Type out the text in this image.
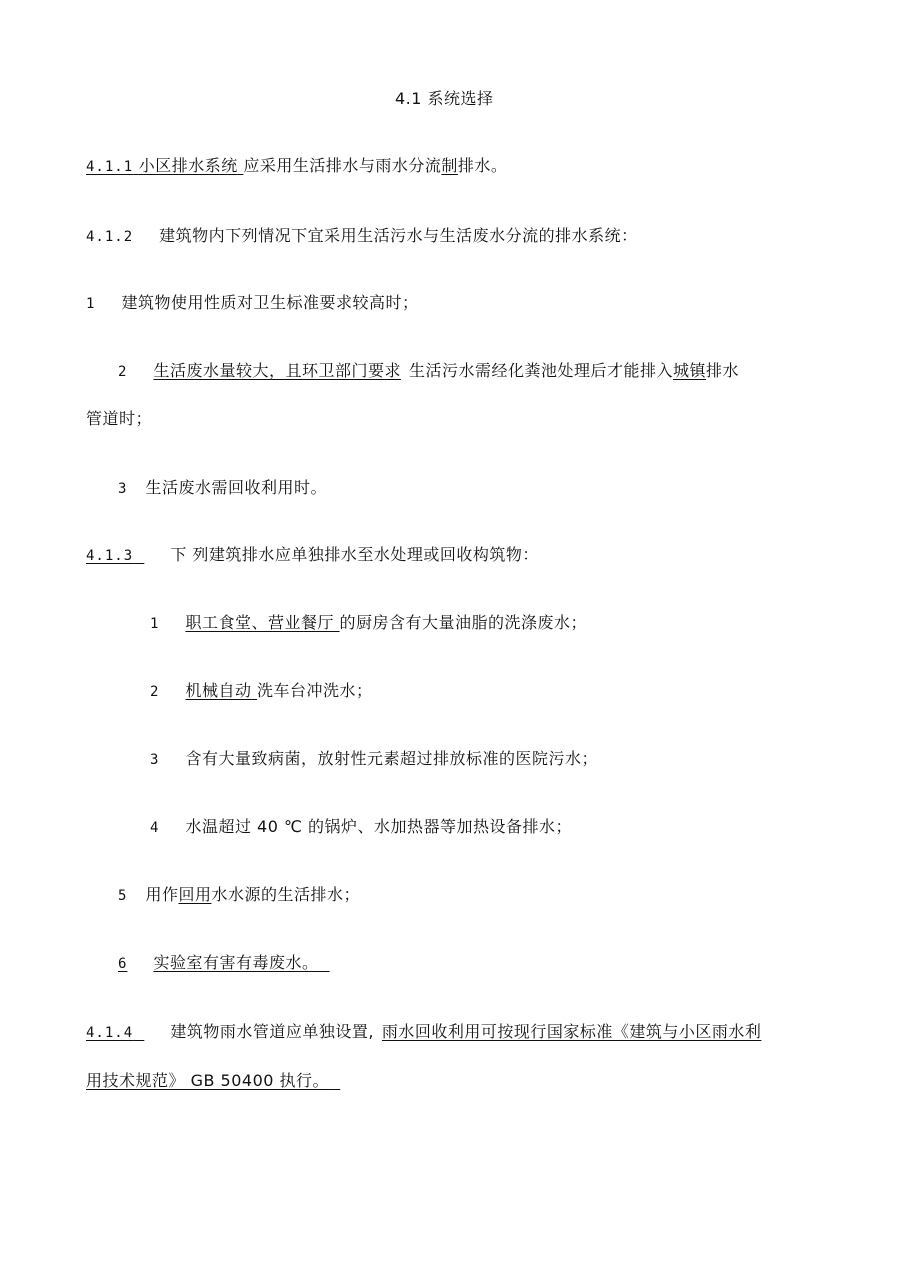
4.1 系统选择
4.1.1 小区排水系统 应采用生活排水与雨水分流制排水。
4.1.2 建筑物内下列情况下宜采用生活污水与生活废水分流的排水系统：
1 建筑物使用性质对卫生标准要求较高时；
2 生活废水量较大，且环卫部门要求 生活污水需经化粪池处理后才能排入城镇排水
管道时；
3 生活废水需回收利用时。
4.1.3 下 列建筑排水应单独排水至水处理或回收构筑物：
1 职工食堂、营业餐厅 的厨房含有大量油脂的洗涤废水；
2 机械自动 洗车台冲洗水；
3 含有大量致病菌，放射性元素超过排放标准的医院污水；
4 水温超过 40 ℃ 的锅炉、水加热器等加热设备排水；
5 用作回用水水源的生活排水；
6 实验室有害有毒废水。
4.1.4 建筑物雨水管道应单独设置, 雨水回收利用可按现行国家标准《建筑与小区雨水利
用技术规范》 GB 50400 执行。
